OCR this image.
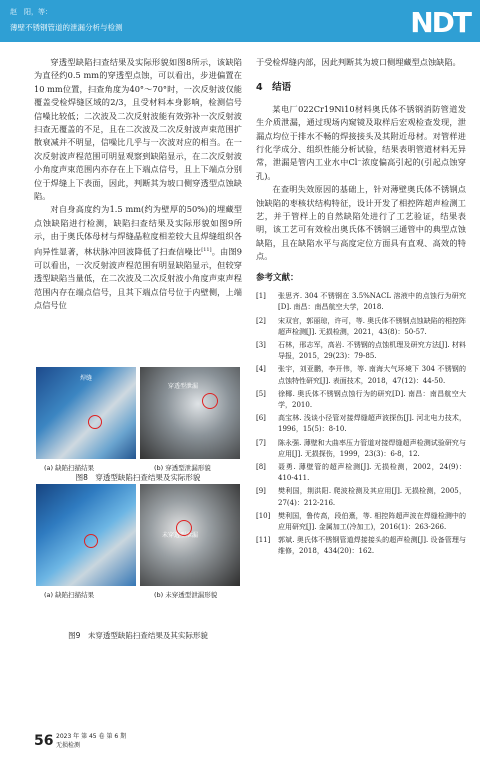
赵　阳，等：
薄壁不锈钢管道的泄漏分析与检测	NDT

穿透型缺陷扫查结果及实际形貌如图8所示，该缺陷为直径约0.5 mm的穿透型点蚀，可以看出，步进偏置在10 mm位置，扫查角度为40°～70°时，一次反射波仅能覆盖受检焊缝区域的2/3，且受材料本身影响，检测信号信噪比较低；二次波及二次反射波能有效弥补一次反射波扫查无覆盖的不足，且在二次波及二次反射波声束范围扩散衰减并不明显，信噪比几乎与一次波对应的相当。在一次反射波声程范围可明显观察到缺陷显示，在二次反射波小角度声束范围内亦存在上下端点信号，且上下端点分别位于焊缝上下表面，因此，判断其为坡口侧穿透型点蚀缺陷。

对自身高度约为1.5 mm(约为壁厚的50%)的埋藏型点蚀缺陷进行检测，缺陷扫查结果及实际形貌如图9所示，由于奥氏体母材与焊缝晶粒度相差较大且焊缝组织各向异性显著，林状脉冲回波降低了扫查信噪比[11]。由图9可以看出，一次反射波声程范围有明显缺陷显示，但较穿透型缺陷当量低，在二次波及二次反射波小角度声束声程范围内存在端点信号，且其下端点信号位于内壁侧，上端点信号位

焊缝
穿透型泄漏
(a) 缺陷扫描结果	(b) 穿透型泄漏形貌
图8　穿透型缺陷扫查结果及实际形貌
未穿透型泄漏
(a) 缺陷扫描结果	(b) 未穿透型泄漏形貌
图9　未穿透型缺陷扫查结果及其实际形貌

于受检焊缝内部，因此判断其为坡口侧埋藏型点蚀缺陷。

4　结语

某电厂022Cr19Ni10材料奥氏体不锈钢消防管道发生介质泄漏，通过现场内窥镜及取样后宏观检查发现，泄漏点均位于排水不畅的焊接接头及其附近母材。对管样进行化学成分、组织性能分析试验，结果表明管道材料无异常，泄漏是管内工业水中Cl⁻浓度偏高引起的(引起点蚀穿孔)。

在查明失效原因的基础上，针对薄壁奥氏体不锈钢点蚀缺陷的枣核状结构特征，设计开发了相控阵超声检测工艺，并于管样上的自然缺陷处进行了工艺验证，结果表明，该工艺可有效检出奥氏体不锈钢三通管中的典型点蚀缺陷，且在缺陷水平与高度定位方面具有直观、高效的特点。

参考文献：
[1]	张思齐. 304 不锈钢在 3.5%NACL 溶液中的点蚀行为研究[D]. 南昌：南昌航空大学，2018.
[2]	宋双官，郭丽琼，许可，等. 奥氏体不锈钢点蚀缺陷的相控阵超声检测[J]. 无损检测，2021，43(8)：50-57.
[3]	石林，邢志军，高岩. 不锈钢的点蚀机理及研究方法[J]. 材料导报，2015，29(23)：79-85.
[4]	张宇，刘亚鹏，李开伟，等. 南海大气环境下 304 不锈钢的点蚀特性研究[J]. 表面技术，2018，47(12)：44-50.
[5]	徐椰. 奥氏体不锈钢点蚀行为的研究[D]. 南昌：南昌航空大学，2010.
[6]	高宝林. 浅谈小径管对接焊缝超声波探伤[J]. 河北电力技术，1996，15(5)：8-10.
[7]	陈永强. 薄壁和大曲率压力管道对接焊缝超声检测试验研究与应用[J]. 无损探伤，1999，23(3)：6-8，12.
[8]	聂勇. 薄壁管的超声检测[J]. 无损检测，2002，24(9)：410-411.
[9]	樊利国，荆洪阳. 爬波检测及其应用[J]. 无损检测，2005，27(4)：212-216.
[10]	樊利国，鲁传高，段伯熹，等. 相控阵超声波在焊缝检测中的应用研究[J]. 金属加工(冷加工)，2016(1)：263-266.
[11]	郭斌. 奥氏体不锈钢管道焊接接头的超声检测[J]. 设备管理与维修，2018，434(20)：162.
56 2023 年 第 45 卷 第 6 期
无损检测
